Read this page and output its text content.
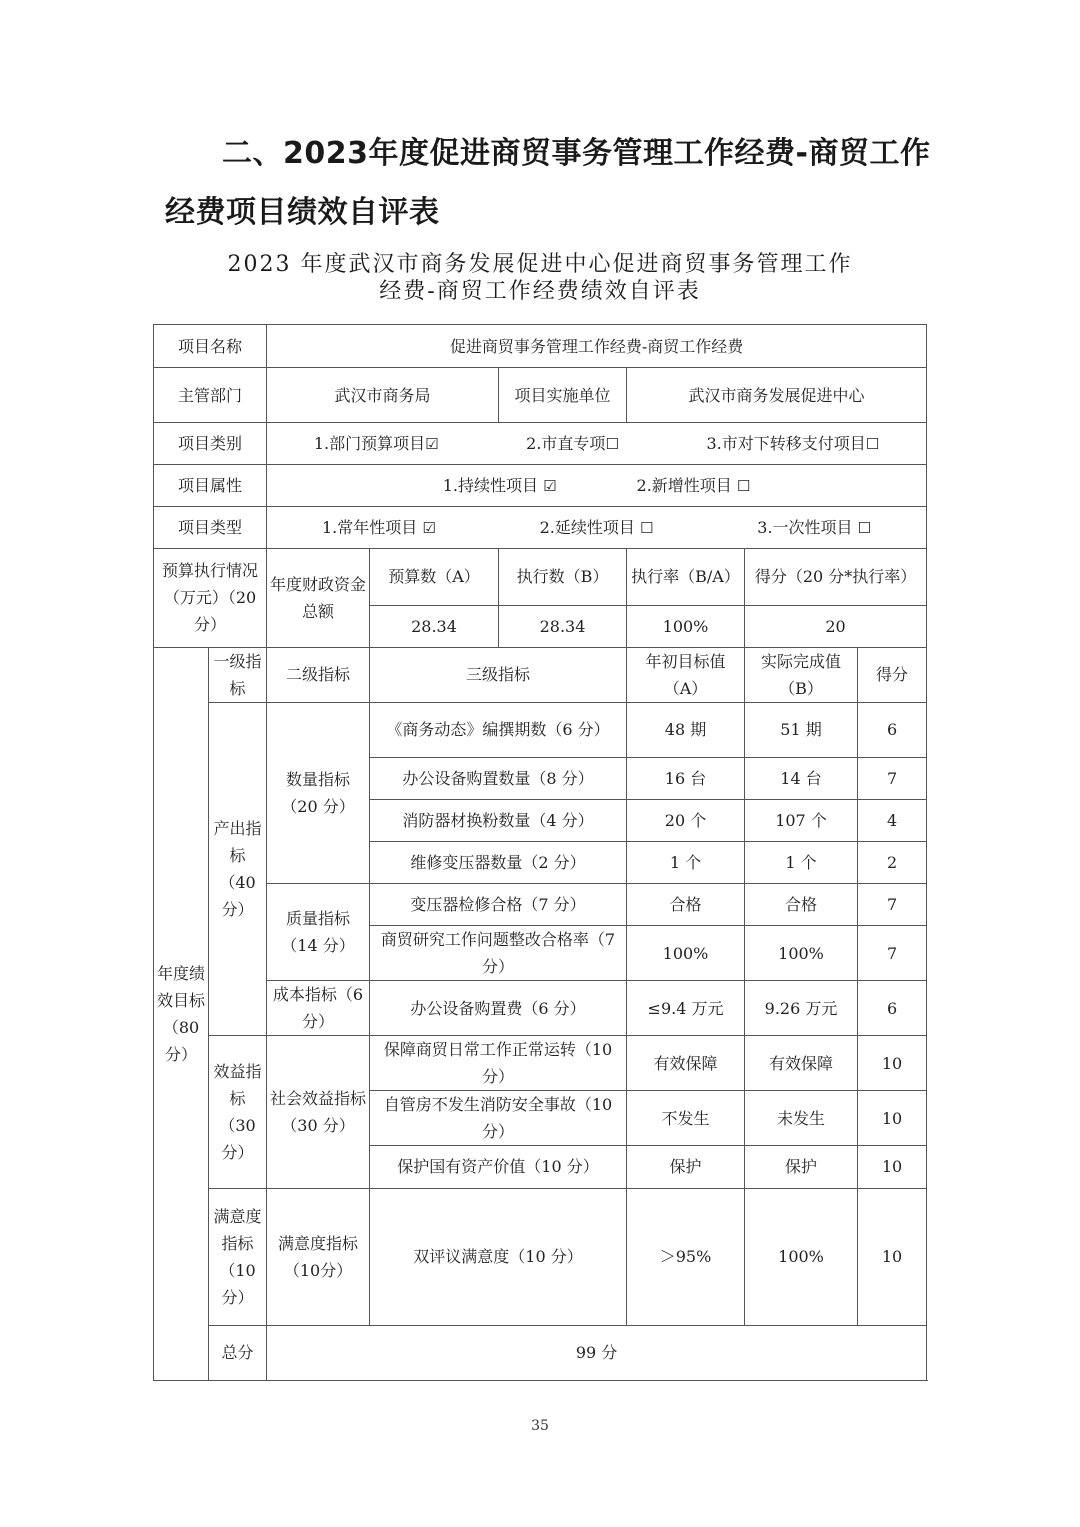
二、2023年度促进商贸事务管理工作经费-商贸工作
经费项目绩效自评表
2023 年度武汉市商务发展促进中心促进商贸事务管理工作
经费-商贸工作经费绩效自评表
项目名称		促进商贸事务管理工作经费-商贸工作经费					
主管部门		武汉市商务局		项目实施单位	武汉市商务发展促进中心		
项目类别		1.部门预算项目☑ 2.市直专项☐ 3.市对下转移支付项目☐					

项目属性		1.持续性项目 ☑ 2.新增性项目 ☐					

项目类型		1.常年性项目 ☑ 2.延续性项目 ☐ 3.一次性项目 ☐					

预算执行情况（万元）（20 分）		年度财政资金总额	预算数（A）	执行数（B）	执行率（B/A）	得分（20 分*执行率）	
			28.34	28.34	100%	20	
年度绩效目标（80分）	一级指标	二级指标	三级指标		年初目标值（A）	实际完成值（B）	得分
	产出指标（40分）	数量指标（20 分）	《商务动态》编撰期数（6 分）		48 期	51 期	6
			办公设备购置数量（8 分）		16 台	14 台	7
			消防器材换粉数量（4 分）		20 个	107 个	4
			维修变压器数量（2 分）		1 个	1 个	2
		质量指标（14 分）	变压器检修合格（7 分）		合格	合格	7
			商贸研究工作问题整改合格率（7 分）		100%	100%	7
		成本指标（6 分）	办公设备购置费（6 分）		≤9.4 万元	9.26 万元	6
	效益指标（30分）	社会效益指标（30 分）	保障商贸日常工作正常运转（10 分）		有效保障	有效保障	10
			自管房不发生消防安全事故（10 分）		不发生	未发生	10
			保护国有资产价值（10 分）		保护	保护	10
	满意度指标（10分）	满意度指标（10分）	双评议满意度（10 分）		＞95%	100%	10
	总分	99 分					
35
